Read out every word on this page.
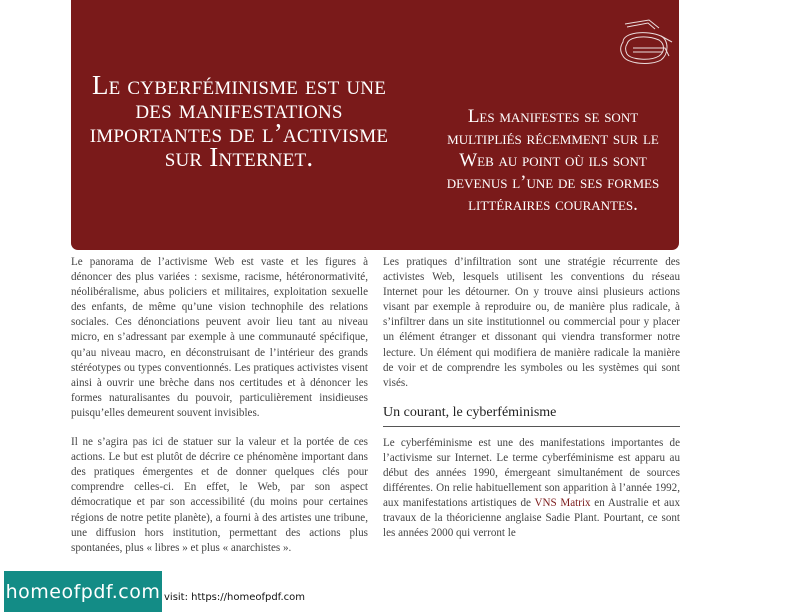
Le cyberféminisme est une des manifestations importantes de l’activisme sur Internet.
Les manifestes se sont multipliés récemment sur le Web au point où ils sont devenus l’une de ses formes littéraires courantes.

Le panorama de l’activisme Web est vaste et les figures à dénoncer des plus variées : sexisme, racisme, hétéronormativité, néolibéralisme, abus policiers et militaires, exploitation sexuelle des enfants, de même qu’une vision technophile des relations sociales. Ces dénonciations peuvent avoir lieu tant au niveau micro, en s’adressant par exemple à une communauté spécifique, qu’au niveau macro, en déconstruisant de l’intérieur des grands stéréotypes ou types conventionnés. Les pratiques activistes visent ainsi à ouvrir une brèche dans nos certitudes et à dénoncer les formes naturalisantes du pouvoir, particulièrement insidieuses puisqu’elles demeurent souvent invisibles.

Il ne s’agira pas ici de statuer sur la valeur et la portée de ces actions. Le but est plutôt de décrire ce phénomène important dans des pratiques émergentes et de donner quelques clés pour comprendre celles-ci. En effet, le Web, par son aspect démocratique et par son accessibilité (du moins pour certaines régions de notre petite planète), a fourni à des artistes une tribune, une diffusion hors institution, permettant des actions plus spontanées, plus « libres » et plus « anarchistes ».

Les pratiques d’infiltration sont une stratégie récurrente des activistes Web, lesquels utilisent les conventions du réseau Internet pour les détourner. On y trouve ainsi plusieurs actions visant par exemple à reproduire ou, de manière plus radicale, à s’infiltrer dans un site institutionnel ou commercial pour y placer un élément étranger et dissonant qui viendra transformer notre lecture. Un élément qui modifiera de manière radicale la manière de voir et de comprendre les symboles ou les systèmes qui sont visés.

Un courant, le cyberféminisme

Le cyberféminisme est une des manifestations importantes de l’activisme sur Internet. Le terme cyberféminisme est apparu au début des années 1990, émergeant simultanément de sources différentes. On relie habituellement son apparition à l’année 1992, aux manifestations artistiques de VNS Matrix en Australie et aux travaux de la théoricienne anglaise Sadie Plant. Pourtant, ce sont les années 2000 qui verront le

homeofpdf.com visit: https://homeofpdf.com
